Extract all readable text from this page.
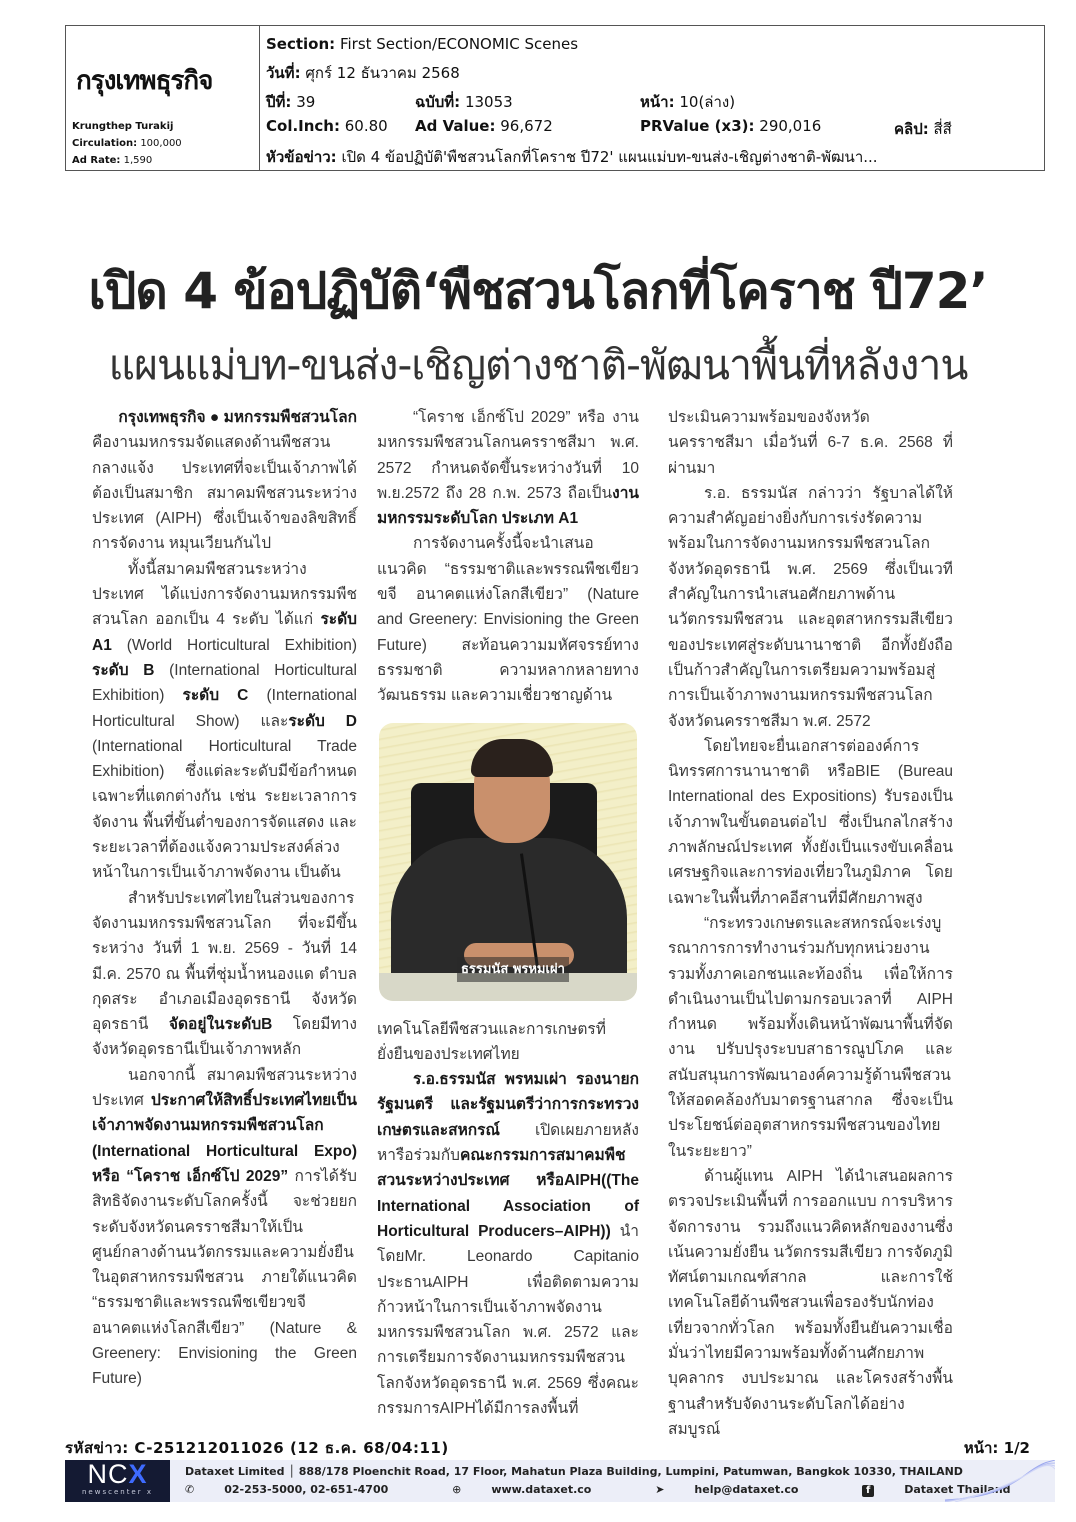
กรุงเทพธุรกิจ
Krungthep Turakij
Circulation: 100,000
Ad Rate: 1,590
Section: First Section/ECONOMIC Scenes
วันที่: ศุกร์ 12 ธันวาคม 2568
ปีที่: 39	ฉบับที่: 13053	หน้า: 10(ล่าง)
Col.Inch: 60.80 Ad Value: 96,672	PRValue (x3): 290,016	คลิป: สี่สี
หัวข้อข่าว: เปิด 4 ข้อปฏิบัติ'พืชสวนโลกที่โคราช ปี72' แผนแม่บท-ขนส่ง-เชิญต่างชาติ-พัฒนา...
เปิด 4 ข้อปฏิบัติ‘พืชสวนโลกที่โคราช ปี72’
แผนแม่บท-ขนส่ง-เชิญต่างชาติ-พัฒนาพื้นที่หลังงาน

กรุงเทพธุรกิจ ● มหกรรมพืชสวนโลก

คืองานมหกรรมจัดแสดงด้านพืชสวนกลางแจ้ง ประเทศที่จะเป็นเจ้าภาพได้ ต้องเป็นสมาชิก สมาคมพืชสวนระหว่างประเทศ (AIPH) ซึ่งเป็นเจ้าของลิขสิทธิ์การจัดงาน หมุนเวียนกันไป

ทั้งนี้สมาคมพืชสวนระหว่างประเทศ ได้แบ่งการจัดงานมหกรรมพืชสวนโลก ออกเป็น 4 ระดับ ได้แก่ ระดับ A1 (World Horticultural Exhibition) ระดับ B (International Horticultural Exhibition) ระดับ C (International Horticultural Show) และระดับ D (International Horticultural Trade Exhibition) ซึ่งแต่ละระดับมีข้อกำหนดเฉพาะที่แตกต่างกัน เช่น ระยะเวลาการจัดงาน พื้นที่ขั้นต่ำของการจัดแสดง และระยะเวลาที่ต้องแจ้งความประสงค์ล่วงหน้าในการเป็นเจ้าภาพจัดงาน เป็นต้น

สำหรับประเทศไทยในส่วนของการจัดงานมหกรรมพืชสวนโลก ที่จะมีขึ้นระหว่าง วันที่ 1 พ.ย. 2569 - วันที่ 14 มี.ค. 2570 ณ พื้นที่ชุ่มน้ำหนองแด ตำบลกุดสระ อำเภอเมืองอุดรธานี จังหวัดอุดรธานี จัดอยู่ในระดับB โดยมีทางจังหวัดอุดรธานีเป็นเจ้าภาพหลัก

นอกจากนี้ สมาคมพืชสวนระหว่างประเทศ ประกาศให้สิทธิ์ประเทศไทยเป็นเจ้าภาพจัดงานมหกรรมพืชสวนโลก (International Horticultural Expo) หรือ “โคราช เอ็กซ์โป 2029” การได้รับสิทธิจัดงานระดับโลกครั้งนี้ จะช่วยยกระดับจังหวัดนครราชสีมาให้เป็นศูนย์กลางด้านนวัตกรรมและความยั่งยืนในอุตสาหกรรมพืชสวน ภายใต้แนวคิด “ธรรมชาติและพรรณพืชเขียวขจี อนาคตแห่งโลกสีเขียว” (Nature & Greenery: Envisioning the Green Future)

“โคราช เอ็กซ์โป 2029” หรือ งานมหกรรมพืชสวนโลกนครราชสีมา พ.ศ. 2572 กำหนดจัดขึ้นระหว่างวันที่ 10 พ.ย.2572 ถึง 28 ก.พ. 2573 ถือเป็นงานมหกรรมระดับโลก ประเภท A1

การจัดงานครั้งนี้จะนำเสนอแนวคิด “ธรรมชาติและพรรณพืชเขียวขจี อนาคตแห่งโลกสีเขียว” (Nature and Greenery: Envisioning the Green Future) สะท้อนความมหัศจรรย์ทางธรรมชาติ ความหลากหลายทางวัฒนธรรม และความเชี่ยวชาญด้าน

ธรรมนัส พรหมเผ่า

เทคโนโลยีพืชสวนและการเกษตรที่ยั่งยืนของประเทศไทย

ร.อ.ธรรมนัส พรหมเผ่า รองนายกรัฐมนตรี และรัฐมนตรีว่าการกระทรวงเกษตรและสหกรณ์ เปิดเผยภายหลัง หารือร่วมกับคณะกรรมการสมาคมพืชสวนระหว่างประเทศ หรือAIPH((The International Association of Horticultural Producers–AIPH)) นำโดยMr. Leonardo Capitanio ประธานAIPH เพื่อติดตามความก้าวหน้าในการเป็นเจ้าภาพจัดงานมหกรรมพืชสวนโลก พ.ศ. 2572 และการเตรียมการจัดงานมหกรรมพืชสวนโลกจังหวัดอุดรธานี พ.ศ. 2569 ซึ่งคณะกรรมการAIPHได้มีการลงพื้นที่

ประเมินความพร้อมของจังหวัดนครราชสีมา เมื่อวันที่ 6-7 ธ.ค. 2568 ที่ผ่านมา

ร.อ. ธรรมนัส กล่าวว่า รัฐบาลได้ให้ความสำคัญอย่างยิ่งกับการเร่งรัดความพร้อมในการจัดงานมหกรรมพืชสวนโลก จังหวัดอุดรธานี พ.ศ. 2569 ซึ่งเป็นเวทีสำคัญในการนำเสนอศักยภาพด้านนวัตกรรมพืชสวน และอุตสาหกรรมสีเขียวของประเทศสู่ระดับนานาชาติ อีกทั้งยังถือเป็นก้าวสำคัญในการเตรียมความพร้อมสู่การเป็นเจ้าภาพงานมหกรรมพืชสวนโลก จังหวัดนครราชสีมา พ.ศ. 2572

โดยไทยจะยื่นเอกสารต่อองค์การนิทรรศการนานาชาติ หรือBIE (Bureau International des Expositions) รับรองเป็นเจ้าภาพในขั้นตอนต่อไป ซึ่งเป็นกลไกสร้างภาพลักษณ์ประเทศ ทั้งยังเป็นแรงขับเคลื่อนเศรษฐกิจและการท่องเที่ยวในภูมิภาค โดยเฉพาะในพื้นที่ภาคอีสานที่มีศักยภาพสูง

“กระทรวงเกษตรและสหกรณ์จะเร่งบูรณาการการทำงานร่วมกับทุกหน่วยงาน รวมทั้งภาคเอกชนและท้องถิ่น เพื่อให้การดำเนินงานเป็นไปตามกรอบเวลาที่ AIPH กำหนด พร้อมทั้งเดินหน้าพัฒนาพื้นที่จัดงาน ปรับปรุงระบบสาธารณูปโภค และสนับสนุนการพัฒนาองค์ความรู้ด้านพืชสวนให้สอดคล้องกับมาตรฐานสากล ซึ่งจะเป็นประโยชน์ต่ออุตสาหกรรมพืชสวนของไทยในระยะยาว”

ด้านผู้แทน AIPH ได้นำเสนอผลการตรวจประเมินพื้นที่ การออกแบบ การบริหารจัดการงาน รวมถึงแนวคิดหลักของงานซึ่งเน้นความยั่งยืน นวัตกรรมสีเขียว การจัดภูมิทัศน์ตามเกณฑ์สากล และการใช้เทคโนโลยีด้านพืชสวนเพื่อรองรับนักท่องเที่ยวจากทั่วโลก พร้อมทั้งยืนยันความเชื่อมั่นว่าไทยมีความพร้อมทั้งด้านศักยภาพบุคลากร งบประมาณ และโครงสร้างพื้นฐานสำหรับจัดงานระดับโลกได้อย่างสมบูรณ์

รหัสข่าว: C-251212011026 (12 ธ.ค. 68/04:11)	หน้า: 1/2
NCX
newscenter x
Dataxet Limited │ 888/178 Ploenchit Road, 17 Floor, Mahatun Plaza Building, Lumpini, Patumwan, Bangkok 10330, THAILAND
✆	02-253-5000, 02-651-4700	⊕	www.dataxet.co	➤	help@dataxet.co	f	Dataxet Thailand
